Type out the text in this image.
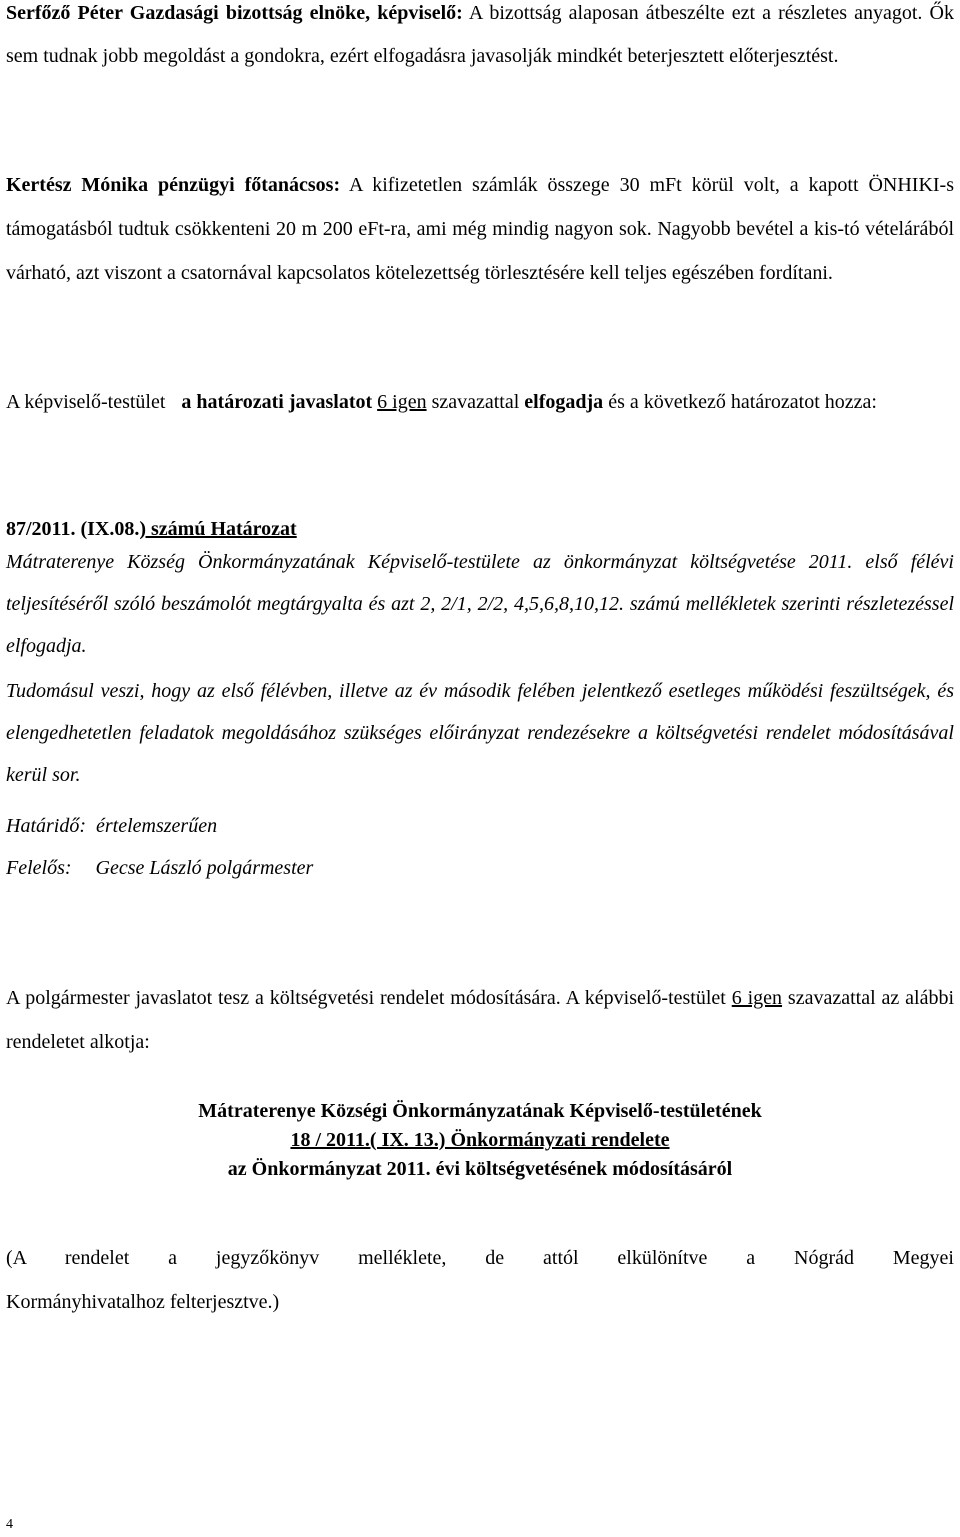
Serfőző Péter Gazdasági bizottság elnöke, képviselő: A bizottság alaposan átbeszélte ezt a részletes anyagot. Ők sem tudnak jobb megoldást a gondokra, ezért elfogadásra javasolják mindkét beterjesztett előterjesztést.
Kertész Mónika pénzügyi főtanácsos: A kifizetetlen számlák összege 30 mFt körül volt, a kapott ÖNHIKI-s támogatásból tudtuk csökkenteni 20 m 200 eFt-ra, ami még mindig nagyon sok. Nagyobb bevétel a kis-tó vételárából várható, azt viszont a csatornával kapcsolatos kötelezettség törlesztésére kell teljes egészében fordítani.
A képviselő-testület a határozati javaslatot 6 igen szavazattal elfogadja és a következő határozatot hozza:
87/2011. (IX.08.) számú Határozat
Mátraterenye Község Önkormányzatának Képviselő-testülete az önkormányzat költségvetése 2011. első félévi teljesítéséről szóló beszámolót megtárgyalta és azt 2, 2/1, 2/2, 4,5,6,8,10,12. számú mellékletek szerinti részletezéssel elfogadja.
Tudomásul veszi, hogy az első félévben, illetve az év második felében jelentkező esetleges működési feszültségek, és elengedhetetlen feladatok megoldásához szükséges előirányzat rendezésekre a költségvetési rendelet módosításával kerül sor.
Határidő: értelemszerűen
Felelős: Gecse László polgármester
A polgármester javaslatot tesz a költségvetési rendelet módosítására. A képviselő-testület 6 igen szavazattal az alábbi rendeletet alkotja:
Mátraterenye Községi Önkormányzatának Képviselő-testületének
18 / 2011.( IX. 13.) Önkormányzati rendelete
az Önkormányzat 2011. évi költségvetésének módosításáról
(A rendelet a jegyzőkönyv melléklete, de attól elkülönítve a Nógrád Megyei
Kormányhivatalhoz felterjesztve.)
4
